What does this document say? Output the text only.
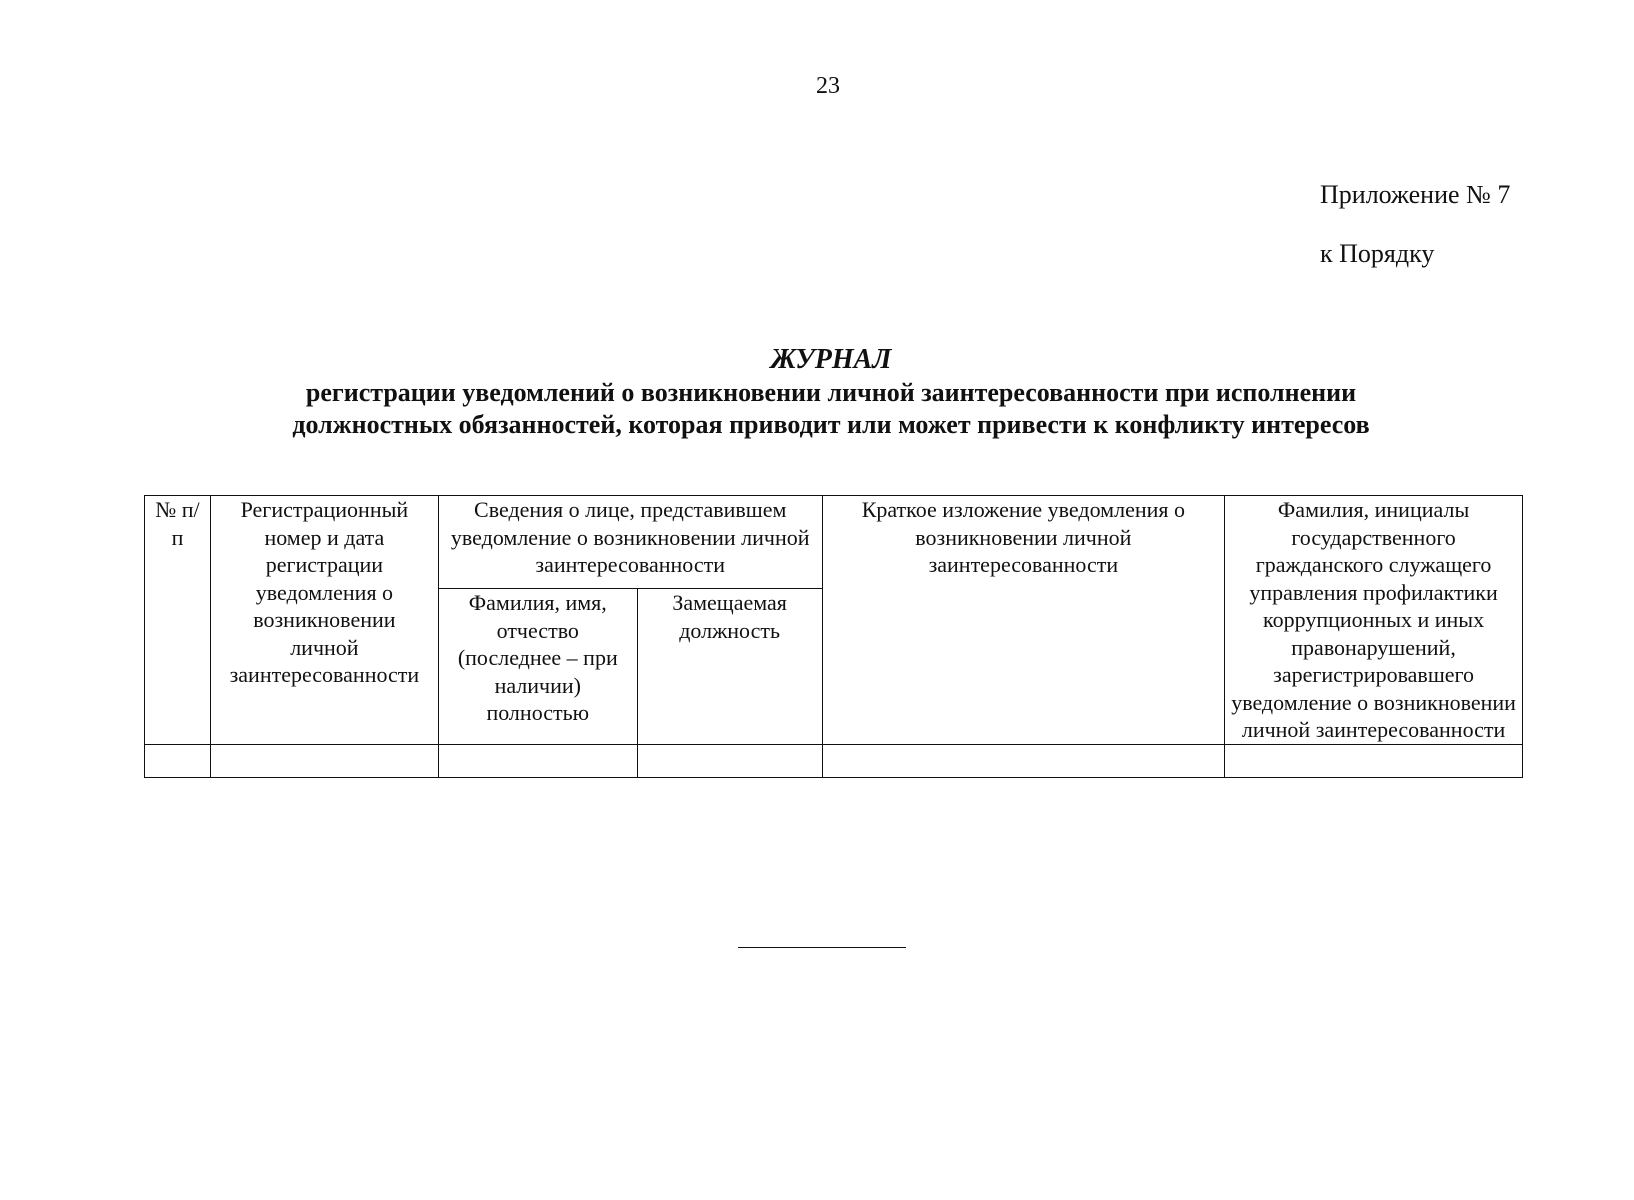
23
Приложение № 7
к Порядку
ЖУРНАЛ
регистрации уведомлений о возникновении личной заинтересованности при исполнении
должностных обязанностей, которая приводит или может привести к конфликту интересов
№ п/п	Регистрационный номер и дата регистрации уведомления о возникновении личной заинтересованности	Сведения о лице, представившем уведомление о возникновении личной заинтересованности		Краткое изложение уведомления о возникновении личной заинтересованности	Фамилия, инициалы государственного гражданского служащего управления профилактики коррупционных и иных правонарушений, зарегистрировавшего уведомление о возникновении личной заинтересованности
		Фамилия, имя, отчество (последнее – при наличии) полностью	Замещаемая должность		
